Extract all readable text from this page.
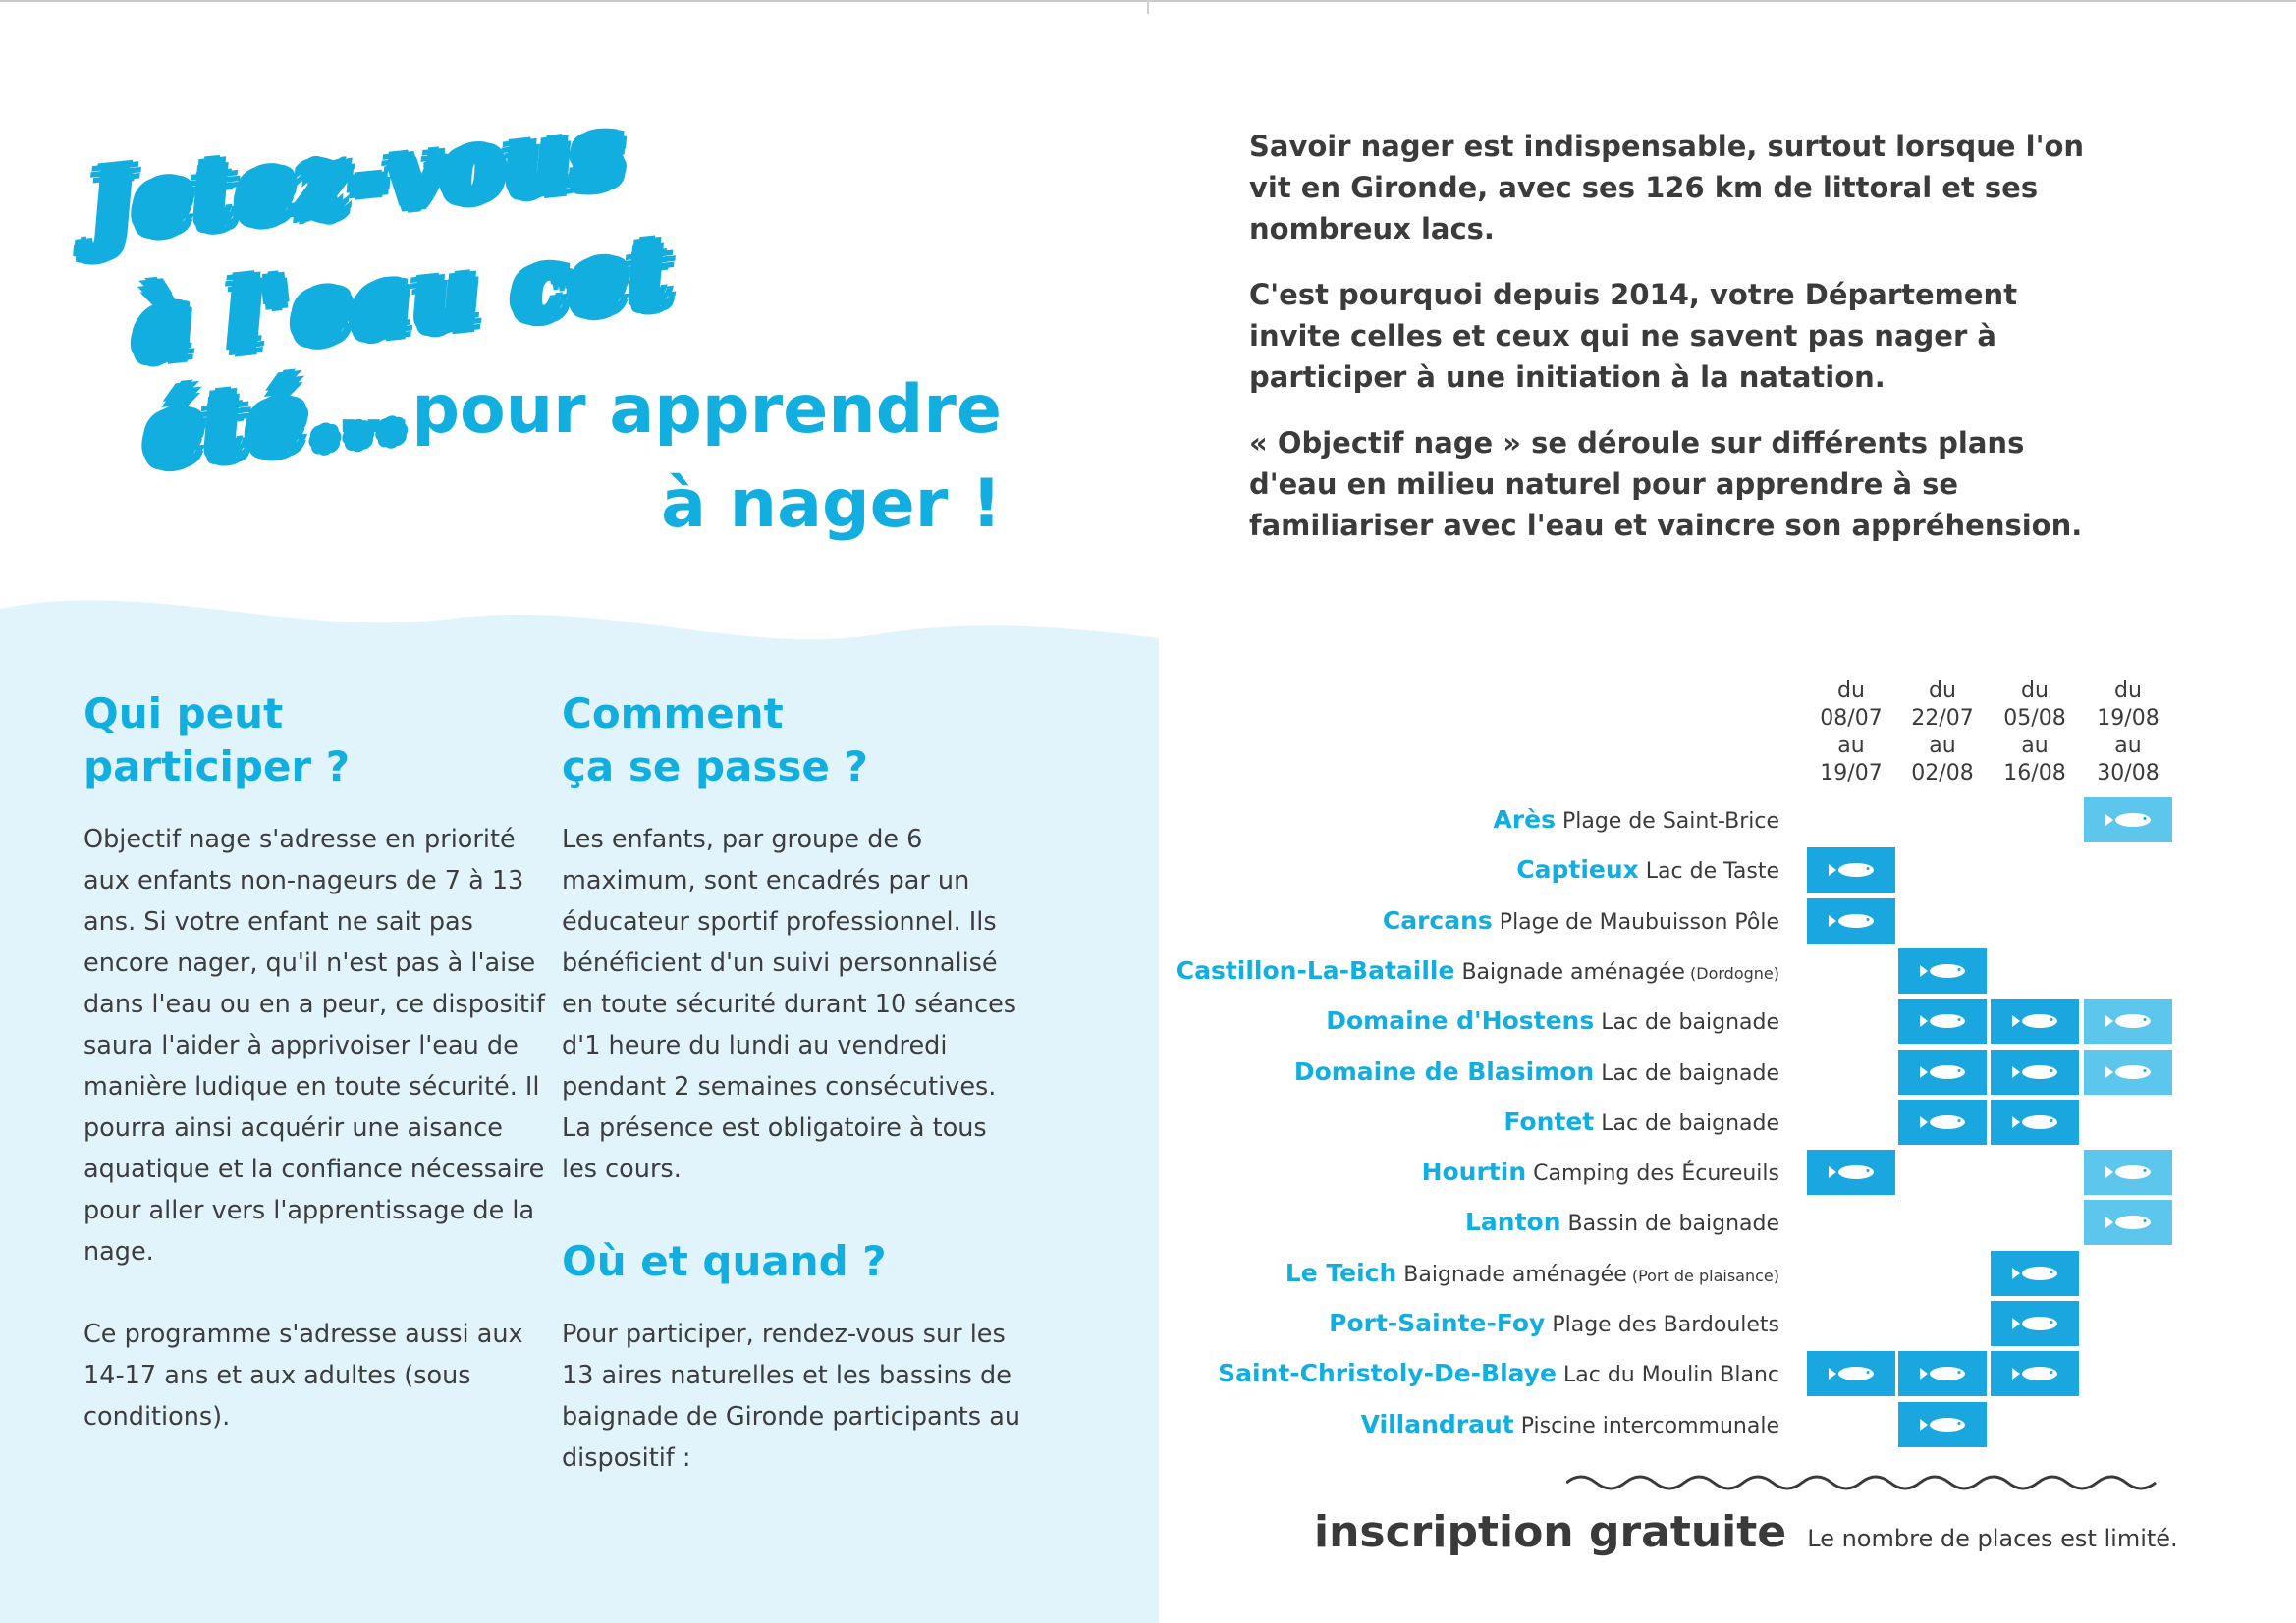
Jetez-vous
à l'eau cet été...
...pour apprendre
à nager !

Savoir nager est indispensable, surtout lorsque l'on vit en Gironde, avec ses 126 km de littoral et ses nombreux lacs.

C'est pourquoi depuis 2014, votre Département invite celles et ceux qui ne savent pas nager à participer à une initiation à la natation.

« Objectif nage » se déroule sur différents plans d'eau en milieu naturel pour apprendre à se familiariser avec l'eau et vaincre son appréhension.

Qui peut
participer ?

Objectif nage s'adresse en priorité aux enfants non-nageurs de 7 à 13 ans. Si votre enfant ne sait pas encore nager, qu'il n'est pas à l'aise dans l'eau ou en a peur, ce dispositif saura l'aider à apprivoiser l'eau de manière ludique en toute sécurité. Il pourra ainsi acquérir une aisance aquatique et la confiance nécessaire pour aller vers l'apprentissage de la nage.

Ce programme s'adresse aussi aux 14-17 ans et aux adultes (sous conditions).

Comment
ça se passe ?

Les enfants, par groupe de 6 maximum, sont encadrés par un éducateur sportif professionnel. Ils bénéficient d'un suivi personnalisé en toute sécurité durant 10 séances d'1 heure du lundi au vendredi pendant 2 semaines consécutives. La présence est obligatoire à tous les cours.

Où et quand ?

Pour participer, rendez-vous sur les 13 aires naturelles et les bassins de baignade de Gironde participants au dispositif :

du
08/07
au
19/07
du
22/07
au
02/08
du
05/08
au
16/08
du
19/08
au
30/08
Arès Plage de Saint-Brice
Captieux Lac de Taste
Carcans Plage de Maubuisson Pôle
Castillon-La-Bataille Baignade aménagée (Dordogne)
Domaine d'Hostens Lac de baignade
Domaine de Blasimon Lac de baignade
Fontet Lac de baignade
Hourtin Camping des Écureuils
Lanton Bassin de baignade
Le Teich Baignade aménagée (Port de plaisance)
Port-Sainte-Foy Plage des Bardoulets
Saint-Christoly-De-Blaye Lac du Moulin Blanc
Villandraut Piscine intercommunale
inscription gratuite Le nombre de places est limité.
